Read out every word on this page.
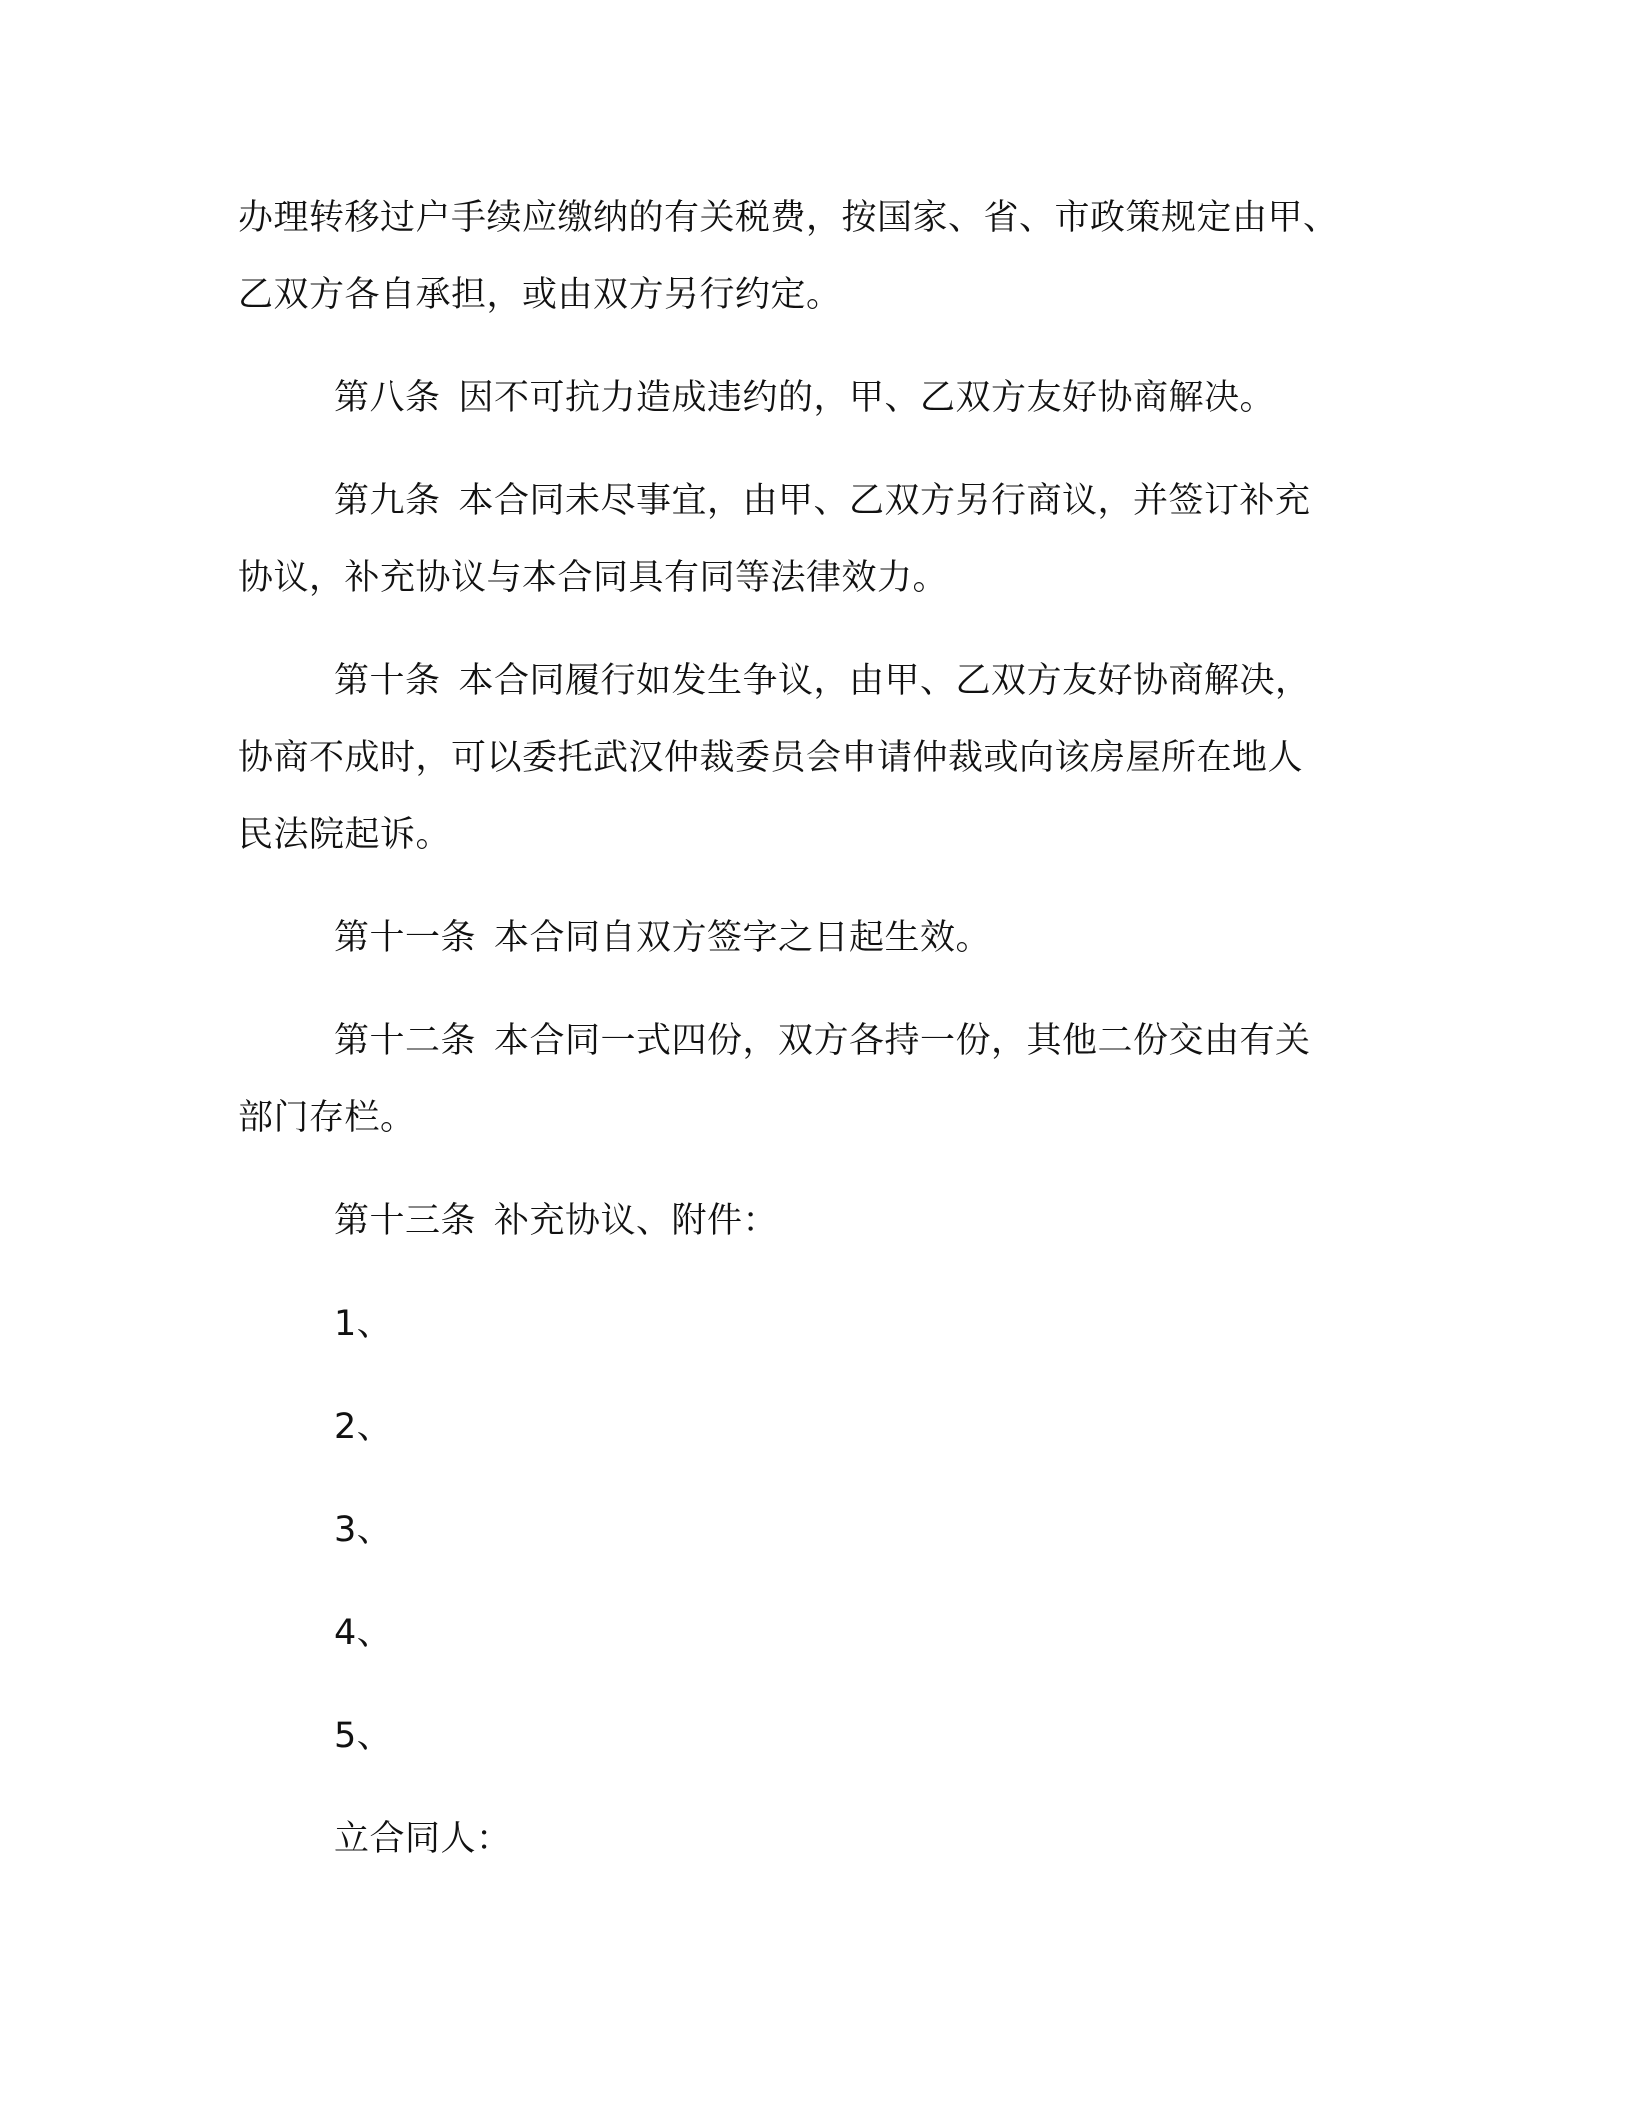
办理转移过户手续应缴纳的有关税费，按国家、省、市政策规定由甲、
乙双方各自承担，或由双方另行约定。
第八条 因不可抗力造成违约的，甲、乙双方友好协商解决。
第九条 本合同未尽事宜，由甲、乙双方另行商议，并签订补充
协议，补充协议与本合同具有同等法律效力。
第十条 本合同履行如发生争议，由甲、乙双方友好协商解决，
协商不成时，可以委托武汉仲裁委员会申请仲裁或向该房屋所在地人
民法院起诉。
第十一条 本合同自双方签字之日起生效。
第十二条 本合同一式四份，双方各持一份，其他二份交由有关
部门存栏。
第十三条 补充协议、附件：
1、
2、
3、
4、
5、
立合同人：
